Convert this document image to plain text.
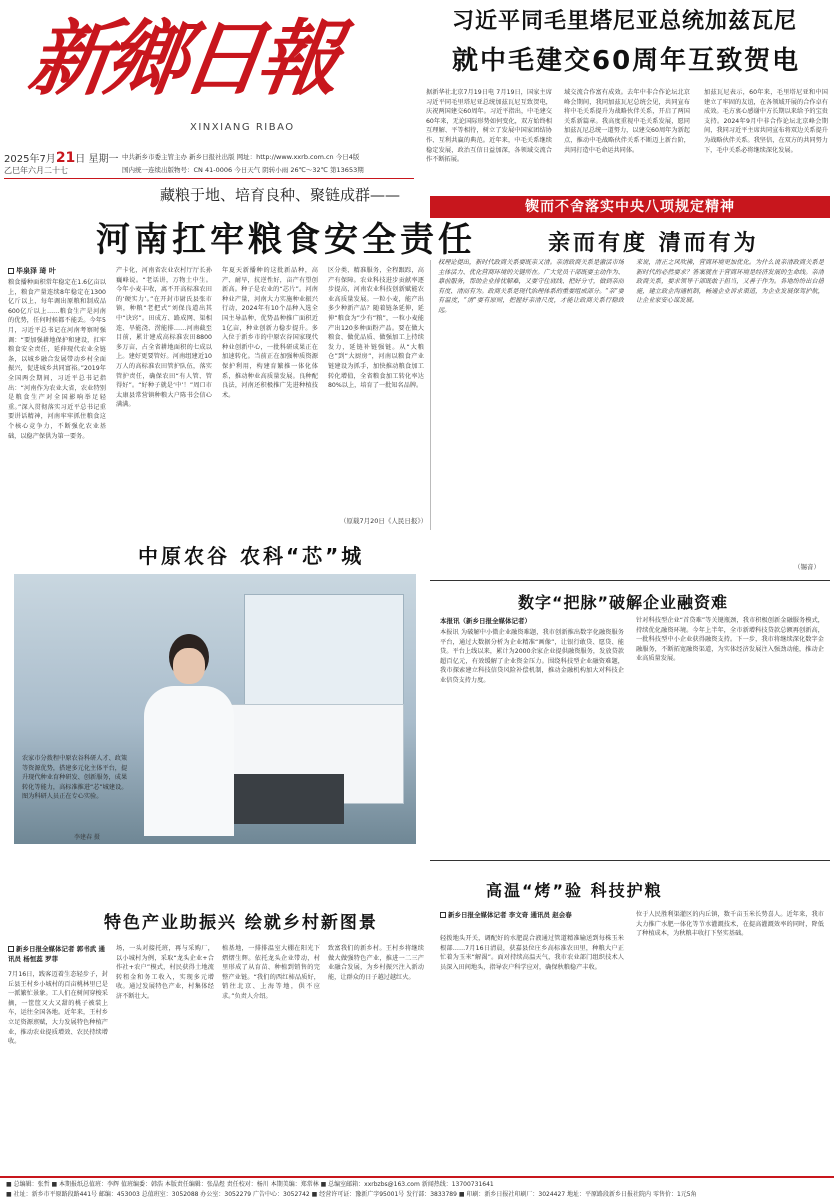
新鄉日報
XINXIANG RIBAO
2025年7月21日 星期一
乙巳年六月二十七
中共新乡市委主管主办 新乡日报社出版 网址：http://www.xxrb.com.cn 今日4版
国内统一连续出版物号：CN 41-0006 今日天气 阴转小雨 26℃～32℃ 第13653期
习近平同毛里塔尼亚总统加兹瓦尼
就中毛建交60周年互致贺电
据新华社北京7月19日电 7月19日，国家主席习近平同毛里塔尼亚总统加兹瓦尼互致贺电，庆祝两国建交60周年。习近平指出，中毛建交60年来，无论国际形势如何变化，双方始终相互理解、平等相待，树立了发展中国家团结协作、互利共赢的典范。近年来，中毛关系继续稳定发展，政治互信日益加深，各领域交流合作不断拓展。
域交流合作富有成效。去年中非合作论坛北京峰会期间，我同加兹瓦尼总统会见，共同宣布将中毛关系提升为战略伙伴关系，开启了两国关系新篇章。我高度重视中毛关系发展，愿同加兹瓦尼总统一道努力，以建交60周年为新起点，推动中毛战略伙伴关系不断迈上新台阶，共同打造中毛命运共同体。
加兹瓦尼表示，60年来，毛里塔尼亚和中国建立了牢固的友谊，在各领域开展的合作卓有成效。毛方衷心感谢中方长期以来给予的宝贵支持。2024年9月中非合作论坛北京峰会期间，我同习近平主席共同宣布将双边关系提升为战略伙伴关系。我坚信，在双方的共同努力下，毛中关系必将继续深化发展。
藏粮于地、培育良种、聚链成群——
河南扛牢粮食安全责任
毕泉泽 琦 叶
粮食播种面积常年稳定在1.6亿亩以上，粮食产量连续8年稳定在1300亿斤以上，每年调出原粮和制成品600亿斤以上……粮食生产是河南的优势，任何时候都不能丢。今年5月，习近平总书记在河南考察时强调：“要加强耕地保护和建设，扛牢粮食安全责任，延伸现代农业全链条，以城乡融合发展带动乡村全面振兴，促进城乡共同富裕。”2019年全国两会期间，习近平总书记指出：“河南作为农业大省，农业特别是粮食生产对全国影响举足轻重。”深入贯彻落实习近平总书记重要讲话精神，河南牢牢抓住粮食这个核心竞争力，不断强化农业基础，以稳产保供为第一要务。
产卡化，河南省农业农村厅厅长孙巍峰说。“老话讲，万物土中生。今年小麦丰收，离不开高标准农田的‘硬实力’。”在开封市尉氏县张市镇，种粮“老把式”刘保良道出其中“诀窍”。田成方、路成网、渠相连、旱能浇、涝能排……河南截至目前，累计建成高标准农田8800多万亩，占全省耕地面积的七成以上。建好更要管好。河南组建近10万人的高标准农田管护队伍，落实管护责任，确保农田“有人管、管得好”。“好种子就是‘中’！”周口市太康县常营镇种粮大户陈书会信心满满。
年夏天新播种的这批新品种，高产、耐旱，抗逆性好，亩产有望创新高。种子是农业的“芯片”。河南种业产量，河南大力实施种业振兴行动，2024年有10个品种入选全国主导品种，优势品种推广面积近1亿亩，种业创新力稳步提升。多入位于新乡市的中原农谷国家现代种业创新中心，一批科研成果正在加速转化。当前正在加强种质资源保护利用，构建育繁推一体化体系，推动种业高质量发展。良种配良法，河南还积极推广先进种植技术。
区分类、精准服务，全程跟踪，高产有保障。农业科技进步贡献率逐步提高，河南农业科技创新赋能农业高质量发展。一粒小麦，能产出多少种新产品？随着链条延伸，延伸“粮食为”少有“粮”，一粒小麦能产出120多种面粉产品。要在做大粮食、做优品质、做强加工上持续发力，延链补链强链。从“大粮仓”到“大厨房”，河南以粮食产业链建设为抓手，加快推动粮食加工转化增值，全省粮食加工转化率达80%以上，培育了一批知名品牌。
（原载7月20日《人民日报》）
中原农谷 农科“芯”城
农家市分拨程中原农谷科研人才、政策等资源优势，搭建多元化主体平台，提升现代种业育种研发、创新服务，成果转化等能力，高标准推进“芯”城建设。图为科研人员正在专心实验。
李建春 摄
锲而不舍落实中央八项规定精神
亲而有度 清而有为
权理论提出，新时代政商关系要既亲又清。亲清政商关系是激活市场主体活力、优化营商环境的关键所在。广大党员干部既要主动作为、靠前服务，帮助企业排忧解难，又要守住底线、把好分寸，做到亲而有度、清而有为。政商关系是现代治理体系的重要组成部分。“亲”要有温度，“清”要有原则，把握好亲清尺度，才能让政商关系行稳致远。
来说，清正之风吹拂，营商环境更加优化。为什么说亲清政商关系是新时代的必然要求？答案就在于营商环境是经济发展的生命线。亲清政商关系，要求领导干部既敢于担当，又善于作为。各地纷纷出台措施，建立政企沟通机制，畅通企业诉求渠道，为企业发展保驾护航，让企业家安心谋发展。
（锡音）
数字“把脉”破解企业融资难
本报讯（新乡日报全媒体记者）
本报讯 为破解中小微企业融资难题，我市创新推出数字化融资服务平台，通过大数据分析为企业精准“画像”，让银行敢贷、愿贷、能贷。平台上线以来，累计为2000余家企业提供融资服务，发放贷款超百亿元，有效缓解了企业资金压力。围绕科技型企业融资难题，我市探索建立科技信贷风险补偿机制，推动金融机构加大对科技企业信贷支持力度。
针对科技型企业“首贷难”等关键瓶颈，我市积极创新金融服务模式，持续优化融资环境。今年上半年，全市新增科技贷款总额再创新高，一批科技型中小企业获得融资支持。下一步，我市将继续深化数字金融服务，不断拓宽融资渠道，为实体经济发展注入强劲动能，推动企业高质量发展。
特色产业助振兴 绘就乡村新图景
新乡日报全媒体记者 郭书武 通讯员 杨恒蕊 罗菲
7月16日，践客迈着生态轻步子，封丘县王村乡小城村的百亩桃林里已是一派繁忙景象。工人们在树间穿梭采摘，一筐筐又大又甜的桃子被装上车，运往全国各地。近年来，王村乡立足资源禀赋，大力发展特色种植产业，推动农业提质增效、农民持续增收。
场，一头对接托班，再与采购厂，以小城村为例，采取“龙头企业+合作社+农户”模式，村民获得土地流转租金和务工收入，实现多元增收。通过发展特色产业，村集体经济不断壮大。
植基地，一排排温室大棚在阳光下熠熠生辉。依托龙头企业带动，村里形成了从育苗、种植到销售的完整产业链。“我们的西红柿品质好，销往北京、上海等地，供不应求。”负责人介绍。
致富我们的新乡村。王村乡将继续做大做强特色产业，推进一二三产业融合发展，为乡村振兴注入新动能，让群众的日子越过越红火。
高温“烤”验 科技护粮
新乡日报全媒体记者 李文奇 通讯员 赵会春
轻拨地头开关，调配好的水肥混合液通过管道精准输送到每株玉米根部……7月16日清晨，获嘉县位庄乡高标准农田里，种粮大户正忙着为玉米“解渴”。面对持续高温天气，我市农业部门组织技术人员深入田间地头，指导农户科学应对，确保秋粮稳产丰收。
位于人民胜利渠灌区的内丘镇，数千亩玉米长势喜人。近年来，我市大力推广水肥一体化等节水灌溉技术，在提高灌溉效率的同时，降低了种植成本，为秋粮丰收打下坚实基础。
■ 总编辑：张哲 ■ 本期报纸总值班：李辉 值班编委：韩浩 本版责任编辑：张晶煜 责任校对：杨川 本期美编：郑常林 ■ 总编室邮箱：xxrbzbs@163.com 新闻热线：13700731641
■ 社址：新乡市平原路段路441号 邮编：453003 总值班室：3052088 办公室：3052279 广告中心：3052742 ■ 经营许可证：豫新广字95001号 发行部：3833789 ■ 印刷：新乡日报社印刷厂：3024427 地址：平原路段新乡日报社院内 零售价：1元5角
